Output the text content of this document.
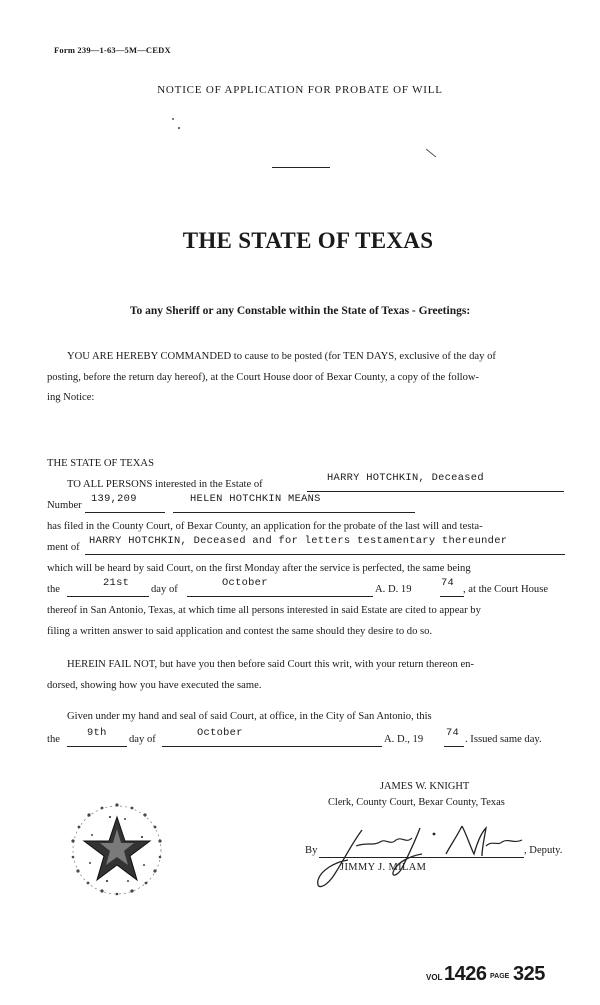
Form 239—1-63—5M—CEDX
NOTICE OF APPLICATION FOR PROBATE OF WILL
THE STATE OF TEXAS
To any Sheriff or any Constable within the State of Texas - Greetings:
YOU ARE HEREBY COMMANDED to cause to be posted (for TEN DAYS, exclusive of the day of
posting, before the return day hereof), at the Court House door of Bexar County, a copy of the follow-
ing Notice:
THE STATE OF TEXAS
TO ALL PERSONS interested in the Estate of
HARRY HOTCHKIN, Deceased
Number
139,209	HELEN HOTCHKIN MEANS
has filed in the County Court, of Bexar County, an application for the probate of the last will and testa-
ment of
HARRY HOTCHKIN, Deceased and for letters testamentary thereunder
which will be heard by said Court, on the first Monday after the service is perfected, the same being
the
21st
day of
October
A. D. 19
74
, at the Court House
thereof in San Antonio, Texas, at which time all persons interested in said Estate are cited to appear by
filing a written answer to said application and contest the same should they desire to do so.
HEREIN FAIL NOT, but have you then before said Court this writ, with your return thereon en-
dorsed, showing how you have executed the same.
Given under my hand and seal of said Court, at office, in the City of San Antonio, this
the
9th
day of
October
A. D., 19
74
. Issued same day.
JAMES W. KNIGHT
Clerk, County Court, Bexar County, Texas
By	, Deputy.
JIMMY J. MILAM
VOL 1426 PAGE 325
